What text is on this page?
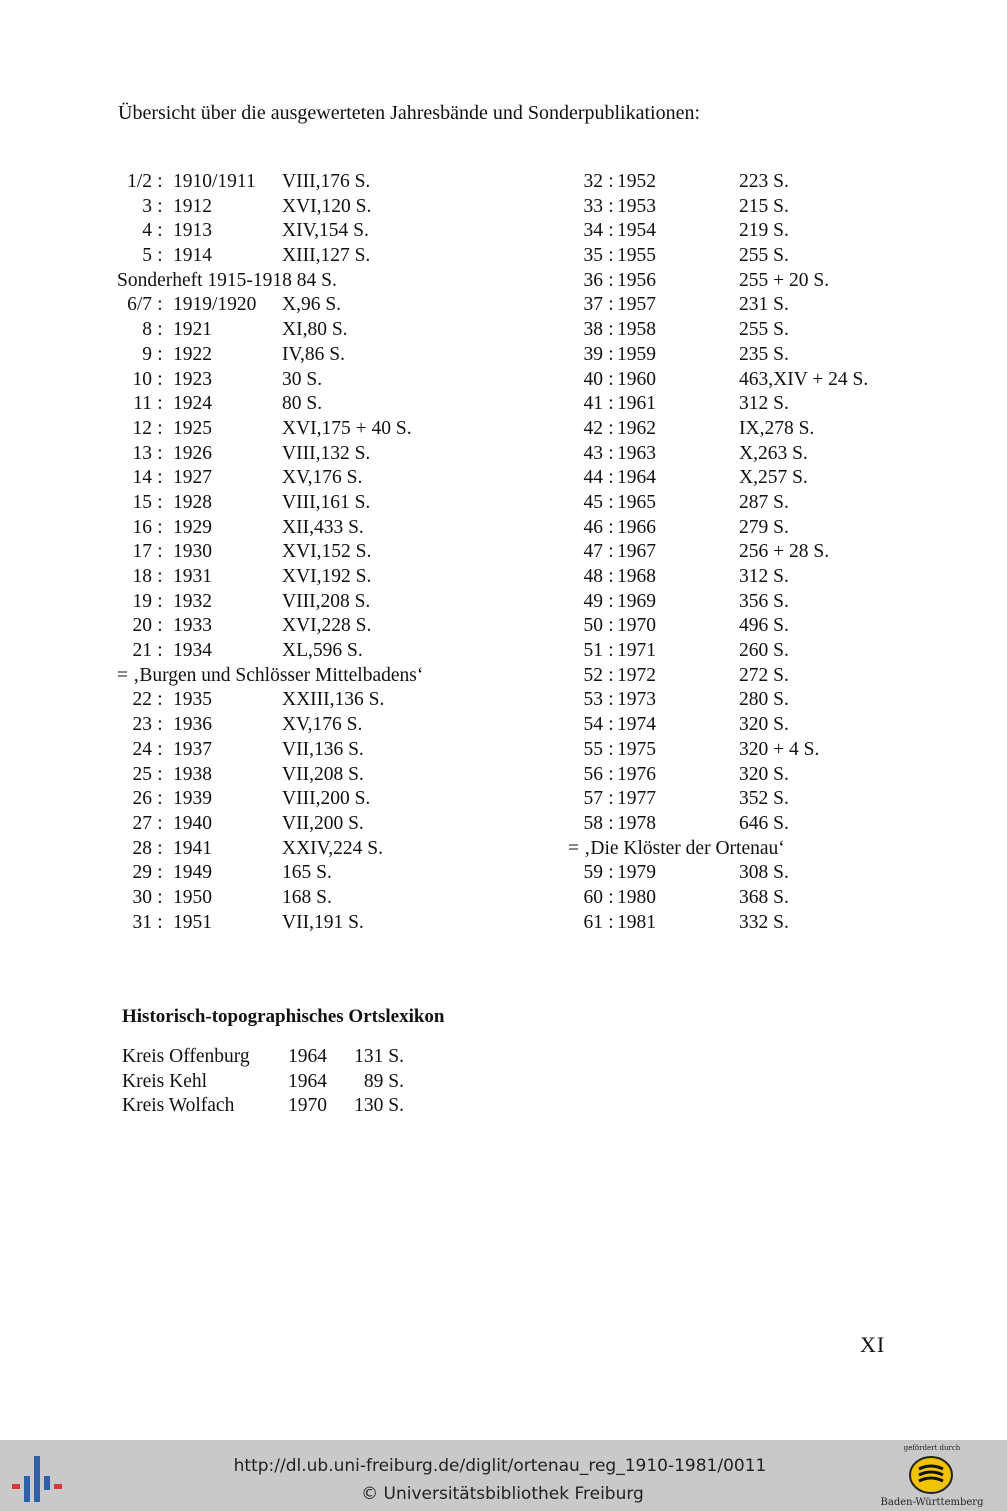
Übersicht über die ausgewerteten Jahresbände und Sonderpublikationen:
1/2 : 1910/1911 VIII,176 S.
3 : 1912	XVI,120 S.
4 : 1913	XIV,154 S.
5 : 1914	XIII,127 S.
Sonderheft 1915-1918 84 S.
6/7 : 1919/1920 X,96 S.
8 : 1921	XI,80 S.
9 : 1922	IV,86 S.
10 : 1923	30 S.
11 : 1924	80 S.
12 : 1925	XVI,175 + 40 S.
13 : 1926	VIII,132 S.
14 : 1927	XV,176 S.
15 : 1928	VIII,161 S.
16 : 1929	XII,433 S.
17 : 1930	XVI,152 S.
18 : 1931	XVI,192 S.
19 : 1932	VIII,208 S.
20 : 1933	XVI,228 S.
21 : 1934	XL,596 S.
= ‚Burgen und Schlösser Mittelbadens‘
22 : 1935	XXIII,136 S.
23 : 1936	XV,176 S.
24 : 1937	VII,136 S.
25 : 1938	VII,208 S.
26 : 1939	VIII,200 S.
27 : 1940	VII,200 S.
28 : 1941	XXIV,224 S.
29 : 1949	165 S.
30 : 1950	168 S.
31 : 1951	VII,191 S.
32 : 1952	223 S.
33 : 1953	215 S.
34 : 1954	219 S.
35 : 1955	255 S.
36 : 1956	255 + 20 S.
37 : 1957	231 S.
38 : 1958	255 S.
39 : 1959	235 S.
40 : 1960	463,XIV + 24 S.
41 : 1961	312 S.
42 : 1962	IX,278 S.
43 : 1963	X,263 S.
44 : 1964	X,257 S.
45 : 1965	287 S.
46 : 1966	279 S.
47 : 1967	256 + 28 S.
48 : 1968	312 S.
49 : 1969	356 S.
50 : 1970	496 S.
51 : 1971	260 S.
52 : 1972	272 S.
53 : 1973	280 S.
54 : 1974	320 S.
55 : 1975	320 + 4 S.
56 : 1976	320 S.
57 : 1977	352 S.
58 : 1978	646 S.
= ‚Die Klöster der Ortenau‘
59 : 1979	308 S.
60 : 1980	368 S.
61 : 1981	332 S.
Historisch-topographisches Ortslexikon
Kreis Offenburg 1964	131 S.
Kreis Kehl	1964	89 S.
Kreis Wolfach	1970	130 S.
XI
http://dl.ub.uni-freiburg.de/diglit/ortenau_reg_1910-1981/0011
© Universitätsbibliothek Freiburg
gefördert durch
Baden-Württemberg
